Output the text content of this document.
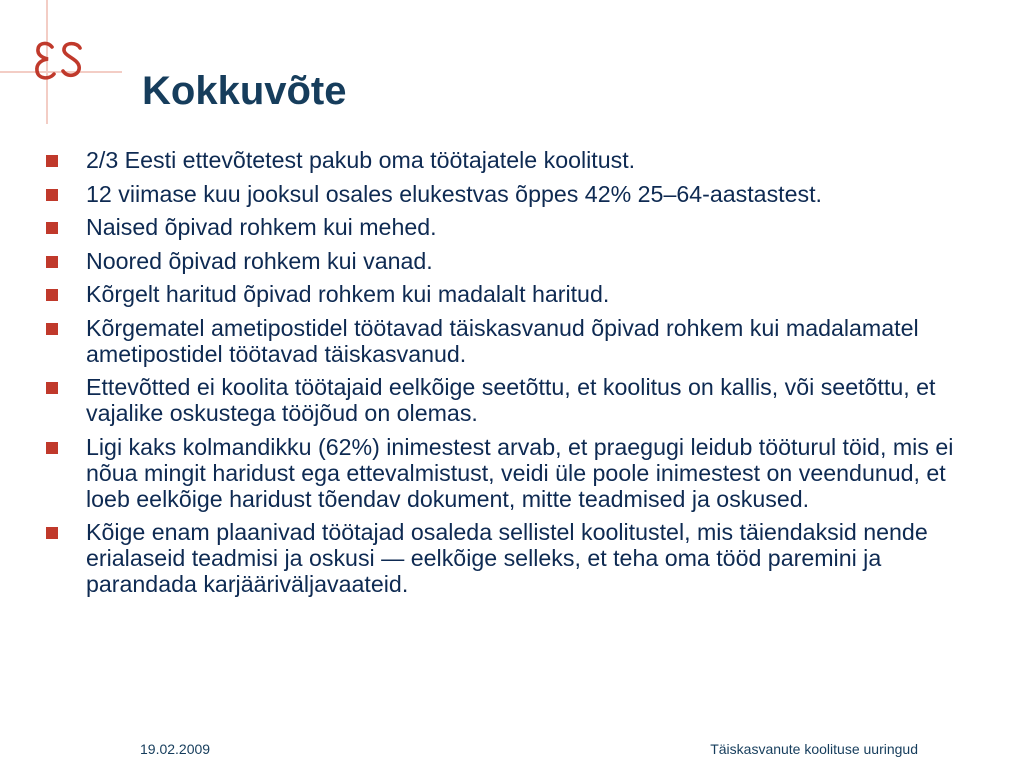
Kokkuvõte
2/3 Eesti ettevõtetest pakub oma töötajatele koolitust.
12 viimase kuu jooksul osales elukestvas õppes 42% 25–64-aastastest.
Naised õpivad rohkem kui mehed.
Noored õpivad rohkem kui vanad.
Kõrgelt haritud õpivad rohkem kui madalalt haritud.
Kõrgematel ametipostidel töötavad täiskasvanud õpivad rohkem kui madalamatel ametipostidel töötavad täiskasvanud.
Ettevõtted ei koolita töötajaid eelkõige seetõttu, et koolitus on kallis, või seetõttu, et vajalike oskustega tööjõud on olemas.
Ligi kaks kolmandikku (62%) inimestest arvab, et praegugi leidub tööturul töid, mis ei nõua mingit haridust ega ettevalmistust, veidi üle poole inimestest on veendunud, et loeb eelkõige haridust tõendav dokument, mitte teadmised ja oskused.
Kõige enam plaanivad töötajad osaleda sellistel koolitustel, mis täiendaksid nende erialaseid teadmisi ja oskusi — eelkõige selleks, et teha oma tööd paremini ja parandada karjääriväljavaateid.
19.02.2009	Täiskasvanute koolituse uuringud
